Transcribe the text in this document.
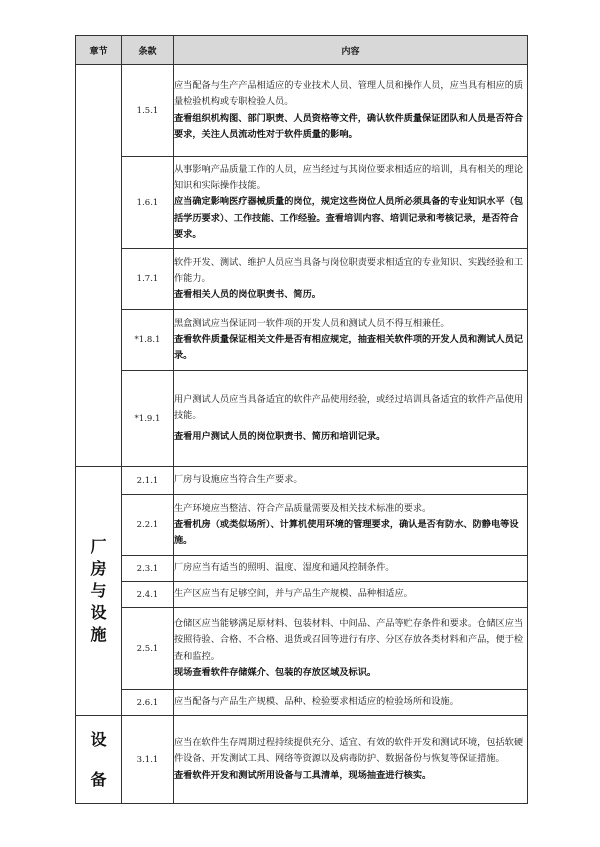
章节	条款	内容
	1.5.1	应当配备与生产产品相适应的专业技术人员、管理人员和操作人员，应当具有相应的质量检验机构或专职检验人员。
查看组织机构图、部门职责、人员资格等文件，确认软件质量保证团队和人员是否符合要求，关注人员流动性对于软件质量的影响。

	1.6.1	从事影响产品质量工作的人员，应当经过与其岗位要求相适应的培训，具有相关的理论知识和实际操作技能。
应当确定影响医疗器械质量的岗位，规定这些岗位人员所必须具备的专业知识水平（包括学历要求）、工作技能、工作经验。查看培训内容、培训记录和考核记录，是否符合要求。

	1.7.1	软件开发、测试、维护人员应当具备与岗位职责要求相适宜的专业知识、实践经验和工作能力。
查看相关人员的岗位职责书、简历。

	*1.8.1	黑盒测试应当保证同一软件项的开发人员和测试人员不得互相兼任。
查看软件质量保证相关文件是否有相应规定，抽查相关软件项的开发人员和测试人员记录。

	*1.9.1	用户测试人员应当具备适宜的软件产品使用经验，或经过培训具备适宜的软件产品使用技能。
查看用户测试人员的岗位职责书、简历和培训记录。

厂房与设施	2.1.1	厂房与设施应当符合生产要求。

	2.2.1	生产环境应当整洁、符合产品质量需要及相关技术标准的要求。
查看机房（或类似场所）、计算机使用环境的管理要求，确认是否有防水、防静电等设施。

	2.3.1	厂房应当有适当的照明、温度、湿度和通风控制条件。

	2.4.1	生产区应当有足够空间，并与产品生产规模、品种相适应。

	2.5.1	仓储区应当能够满足原材料、包装材料、中间品、产品等贮存条件和要求。仓储区应当按照待验、合格、不合格、退货或召回等进行有序、分区存放各类材料和产品，便于检查和监控。
现场查看软件存储媒介、包装的存放区域及标识。

	2.6.1	应当配备与产品生产规模、品种、检验要求相适应的检验场所和设施。

设备	3.1.1	应当在软件生存周期过程持续提供充分、适宜、有效的软件开发和测试环境，包括软硬件设备、开发测试工具、网络等资源以及病毒防护、数据备份与恢复等保证措施。
查看软件开发和测试所用设备与工具清单，现场抽查进行核实。
